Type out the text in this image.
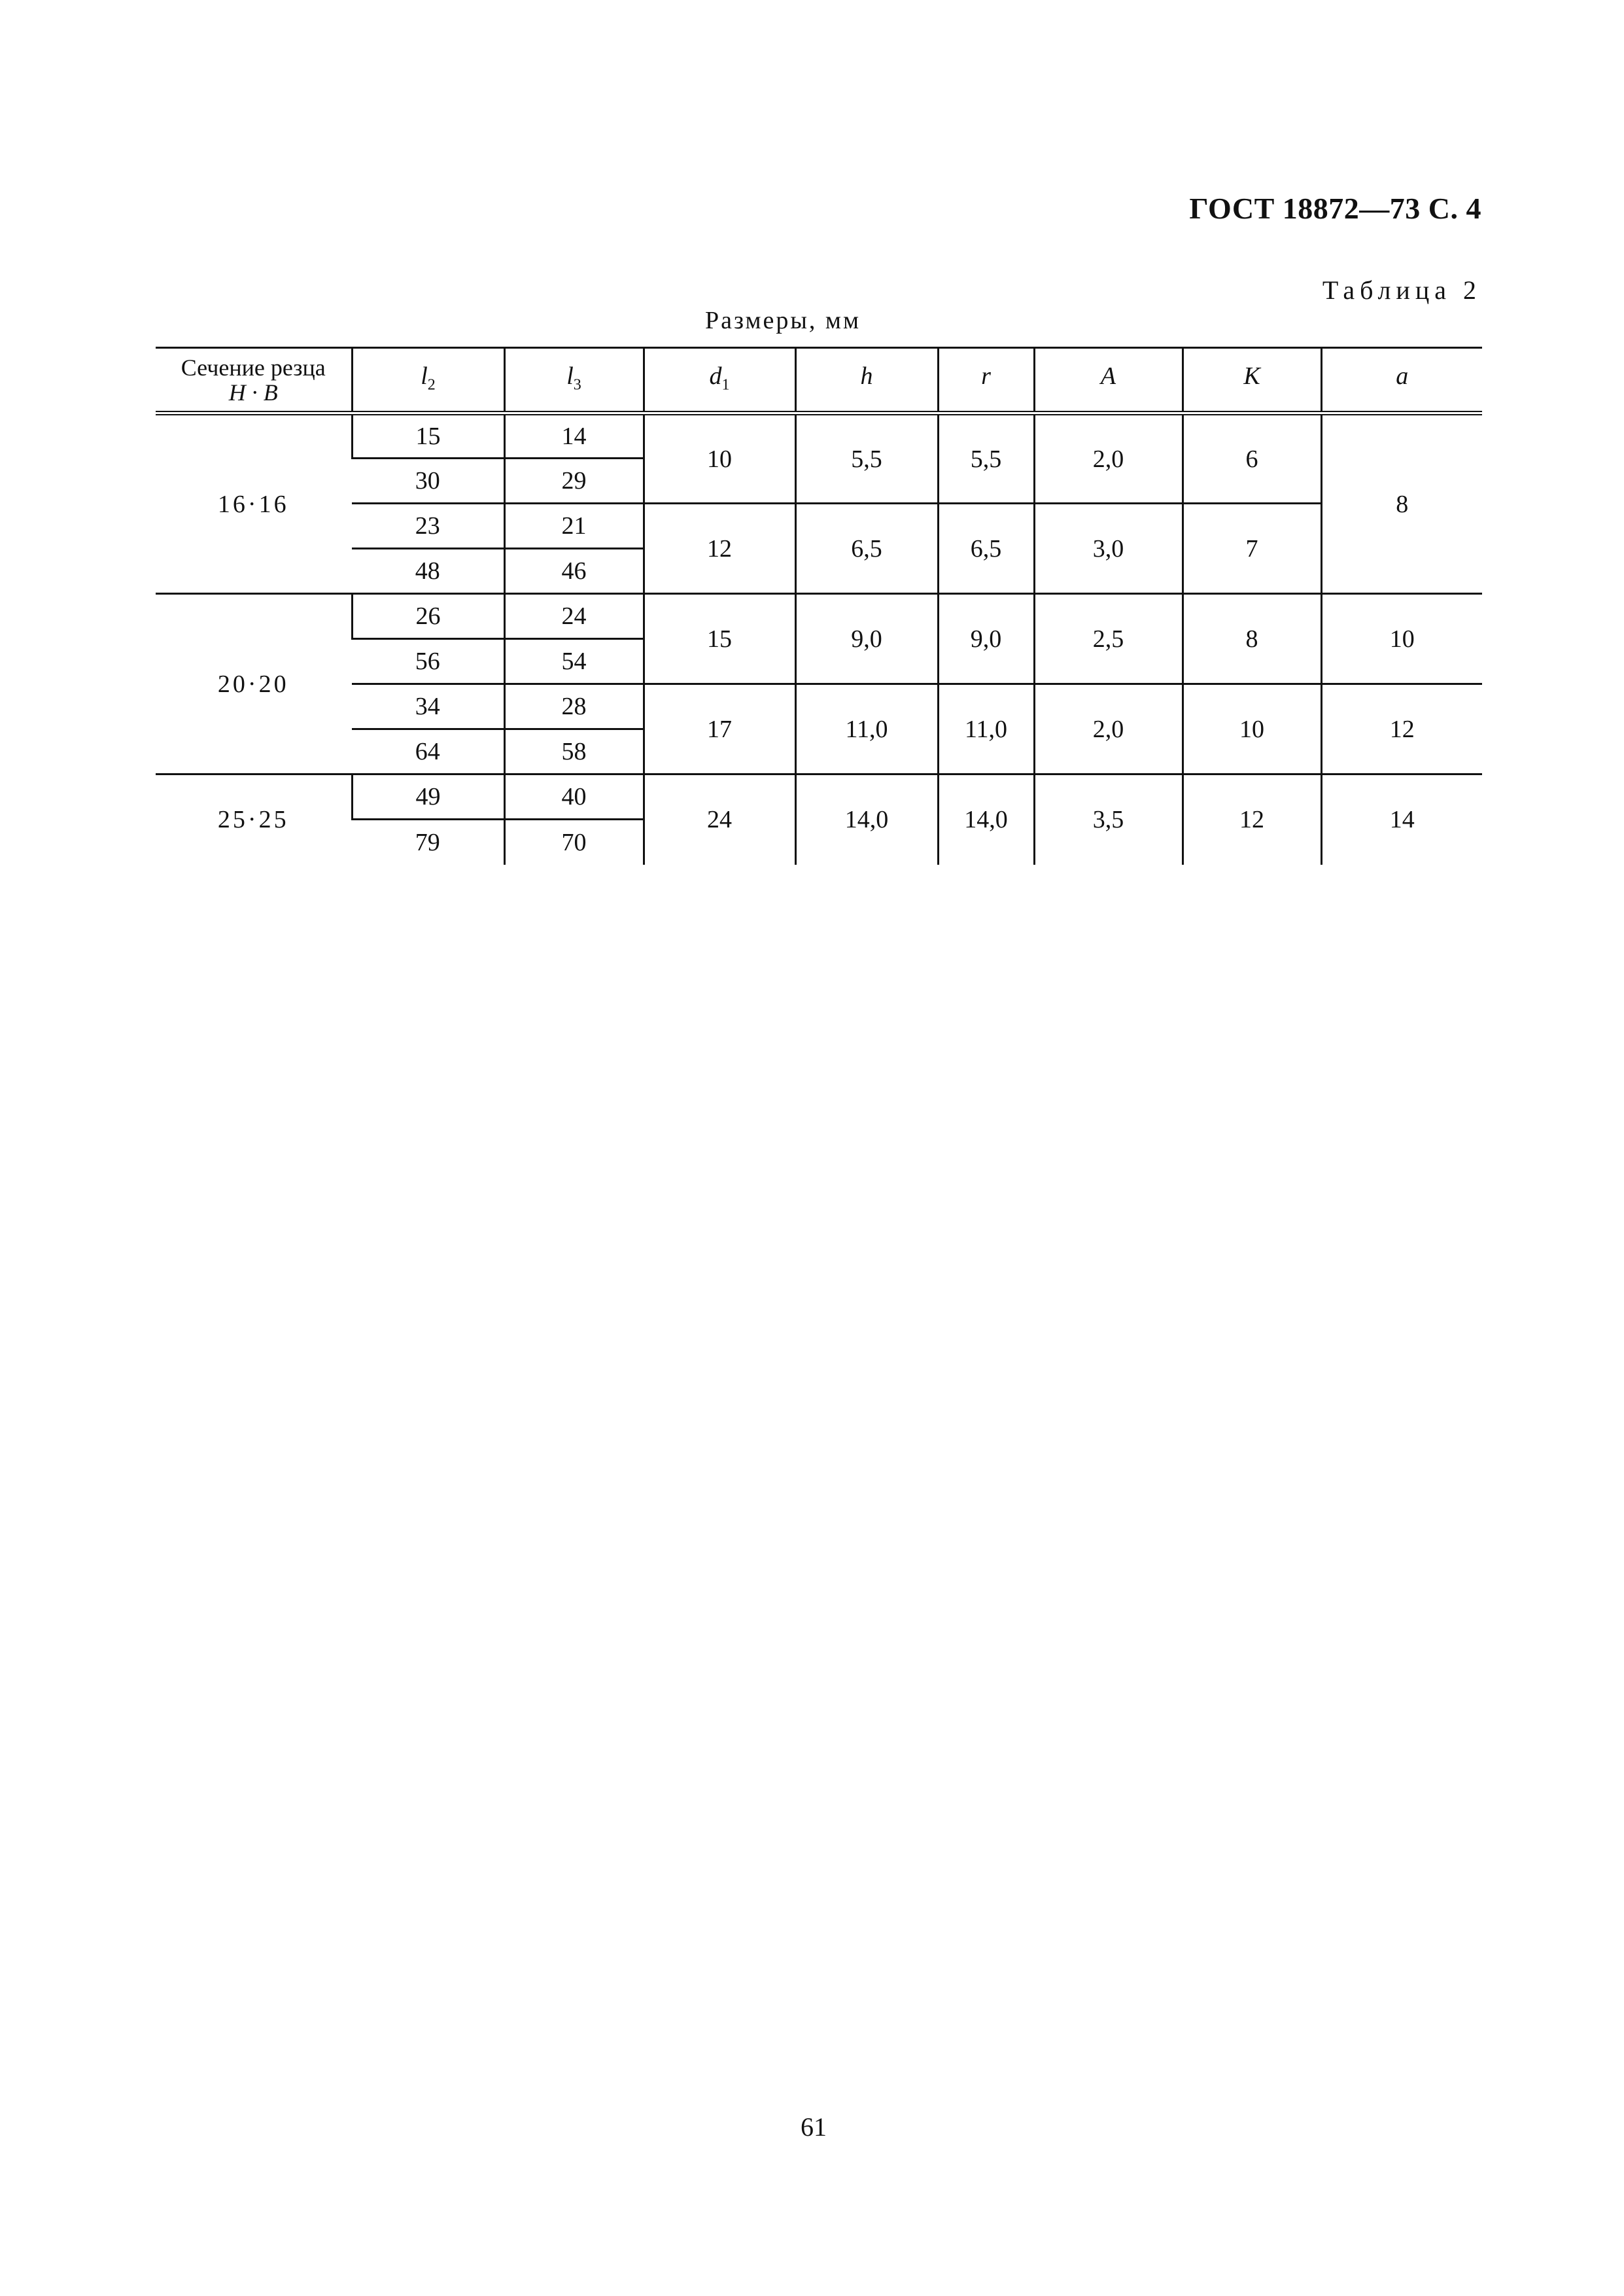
ГОСТ 18872—73 С. 4
Таблица 2
Размеры, мм
Сечение резца
H · B	$l_2$	$l_3$	$d_1$	h	r	A	K	a
16·16	15	14	10	5,5	5,5	2,0	6	8
	30	29						
	23	21	12	6,5	6,5	3,0	7	
	48	46						
20·20	26	24	15	9,0	9,0	2,5	8	10
	56	54						
	34	28	17	11,0	11,0	2,0	10	12
	64	58						
25·25	49	40	24	14,0	14,0	3,5	12	14
	79	70						
61
